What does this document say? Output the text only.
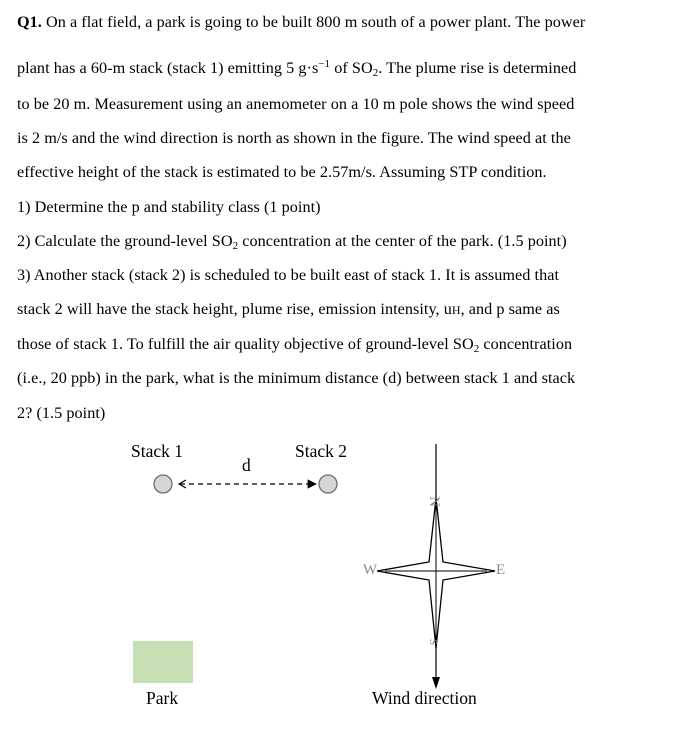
Q1. On a flat field, a park is going to be built 800 m south of a power plant. The power
plant has a 60-m stack (stack 1) emitting 5 $g\cdot s^{-1}$ of $SO_2$. The plume rise is determined
to be 20 m. Measurement using an anemometer on a 10 m pole shows the wind speed
is 2 m/s and the wind direction is north as shown in the figure. The wind speed at the
effective height of the stack is estimated to be 2.57m/s. Assuming STP condition.
1) Determine the p and stability class (1 point)
2) Calculate the ground-level $SO_2$ concentration at the center of the park. (1.5 point)
3) Another stack (stack 2) is scheduled to be built east of stack 1. It is assumed that
stack 2 will have the stack height, plume rise, emission intensity, uH, and p same as
those of stack 1. To fulfill the air quality objective of ground-level $SO_2$ concentration
(i.e., 20 ppb) in the park, what is the minimum distance (d) between stack 1 and stack
2? (1.5 point)
Stack 1	Stack 2
d
Park	Wind direction
N
W	E
S
